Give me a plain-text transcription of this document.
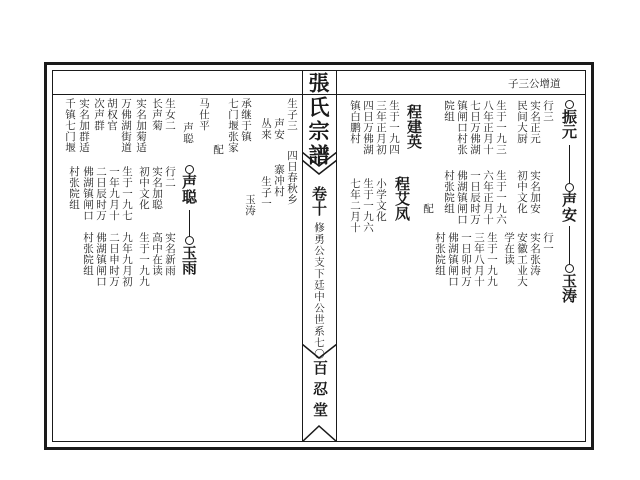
張氏宗譜
卷十
修勇公支下廷中公世系七〇
百忍堂
子三公增道
振元
行三
实名正元
民间大厨
生于一九三
八年正月十
七日万佛湖
镇闸口村张
院组
程建英
生于一九四
三年正月初
四日万佛湖
镇白鹏村
配	声安
实名加安
初中文化
生于一九六
六年正月十
一日辰时万
佛湖镇闸口
村张院组
程艾凤
小学文化
生于一九六
七年二月十
玉涛
行一
实名张涛
安徽工业大
学在读
生于一九九
三年八月十
一日卯时万
佛湖镇闸口
村张院组
生子三
声安
丛来
玉涛	四日春秋乡
寨冲村
生子一
承继于镇
七门堰张家
配
马仕平
声聪
生女二
长声菊
万佛湖街道 实名加菊适
次声群 胡权官
实名加群适
千镇七门堰
声聪
行二
实名加聪
初中文化
生于一九七
一年九月十
二日辰时万
佛湖镇闸口
村张院组
玉雨
实名新雨
高中在读
生于一九九
九年九月初
二日申时万
佛湖镇闸口
村张院组
